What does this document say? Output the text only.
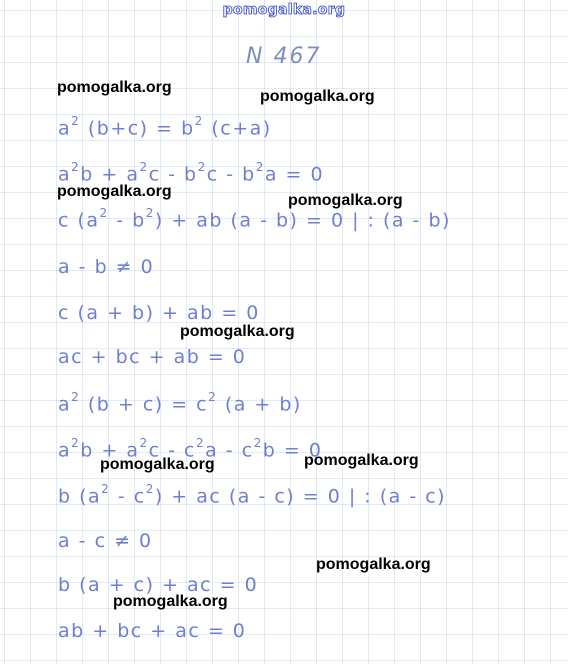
pomogalka.org
N 467
$a^2$ $(b+c) = b^2$ (c+a)
$a^2b + a^2c - b^2c - b^2a = 0$
c $(a^2 - b^2)$ + ab (a - b) = 0 | : (a - b)
a - b ≠ 0
c (a + b) + ab = 0
ac + bc + ab = 0
$a^2$ $(b + c) = c^2$ (a + b)
$a^2b + a^2c - c^2a - c^2b = 0$
b $(a^2 - c^2)$ + ac (a - c) = 0 | : (a - c)
a - c ≠ 0
b (a + c) + ac = 0
ab + bc + ac = 0
pomogalka.org
pomogalka.org
pomogalka.org
pomogalka.org
pomogalka.org
pomogalka.org	pomogalka.org
pomogalka.org
pomogalka.org
